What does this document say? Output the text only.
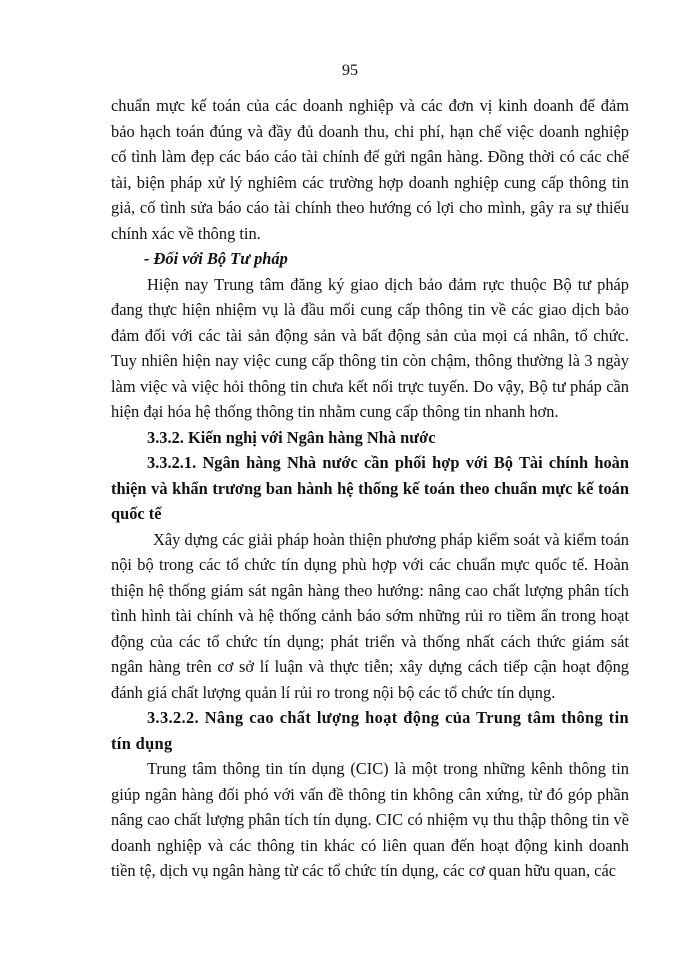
95

chuẩn mực kế toán của các doanh nghiệp và các đơn vị kinh doanh để đảm bảo hạch toán đúng và đầy đủ doanh thu, chi phí, hạn chế việc doanh nghiệp cố tình làm đẹp các báo cáo tài chính để gửi ngân hàng. Đồng thời có các chế tài, biện pháp xử lý nghiêm các trường hợp doanh nghiệp cung cấp thông tin giả, cố tình sửa báo cáo tài chính theo hướng có lợi cho mình, gây ra sự thiếu chính xác về thông tin.

- Đối với Bộ Tư pháp

Hiện nay Trung tâm đăng ký giao dịch bảo đảm rực thuộc Bộ tư pháp đang thực hiện nhiệm vụ là đầu mối cung cấp thông tin về các giao dịch bảo đảm đối với các tài sản động sản và bất động sản của mọi cá nhân, tổ chức. Tuy nhiên hiện nay việc cung cấp thông tin còn chậm, thông thường là 3 ngày làm việc và việc hỏi thông tin chưa kết nối trực tuyến. Do vậy, Bộ tư pháp cần hiện đại hóa hệ thống thông tin nhằm cung cấp thông tin nhanh hơn.

3.3.2. Kiến nghị với Ngân hàng Nhà nước

3.3.2.1. Ngân hàng Nhà nước cần phối hợp với Bộ Tài chính hoàn thiện và khẩn trương ban hành hệ thống kế toán theo chuẩn mực kế toán quốc tế

Xây dựng các giải pháp hoàn thiện phương pháp kiểm soát và kiểm toán nội bộ trong các tổ chức tín dụng phù hợp với các chuẩn mực quốc tế. Hoàn thiện hệ thống giám sát ngân hàng theo hướng: nâng cao chất lượng phân tích tình hình tài chính và hệ thống cảnh báo sớm những rủi ro tiềm ẩn trong hoạt động của các tổ chức tín dụng; phát triển và thống nhất cách thức giám sát ngân hàng trên cơ sở lí luận và thực tiễn; xây dựng cách tiếp cận hoạt động đánh giá chất lượng quản lí rủi ro trong nội bộ các tổ chức tín dụng.

3.3.2.2. Nâng cao chất lượng hoạt động của Trung tâm thông tin tín dụng

Trung tâm thông tin tín dụng (CIC) là một trong những kênh thông tin giúp ngân hàng đối phó với vấn đề thông tin không cân xứng, từ đó góp phần nâng cao chất lượng phân tích tín dụng. CIC có nhiệm vụ thu thập thông tin về doanh nghiệp và các thông tin khác có liên quan đến hoạt động kinh doanh tiền tệ, dịch vụ ngân hàng từ các tổ chức tín dụng, các cơ quan hữu quan, các
